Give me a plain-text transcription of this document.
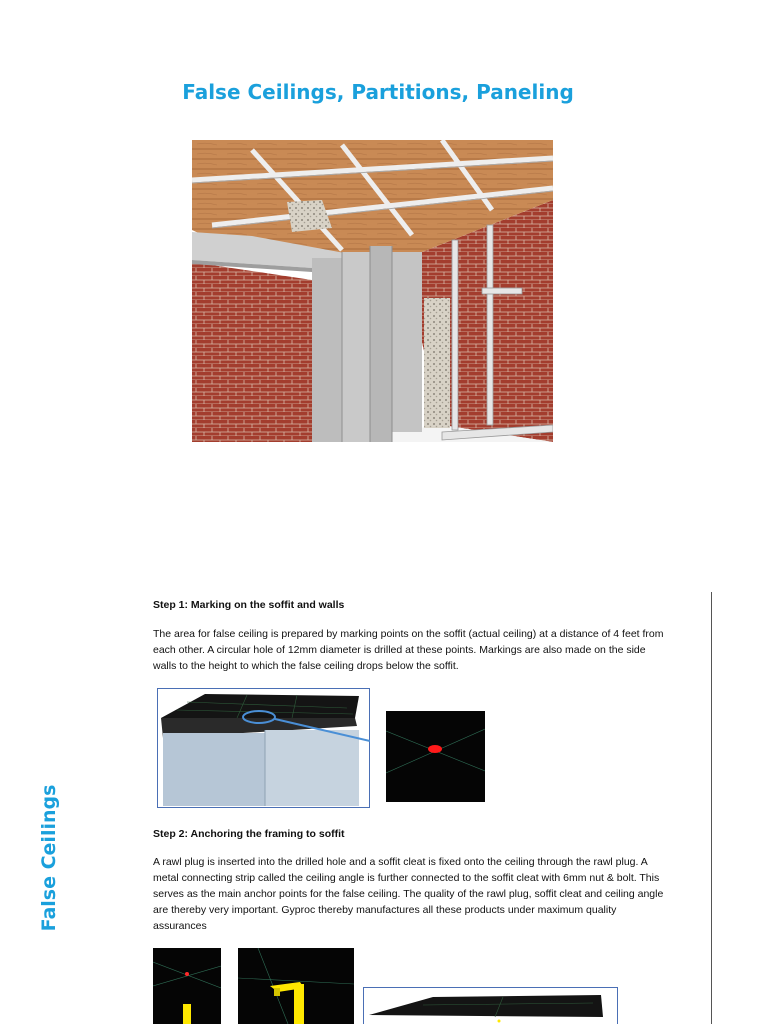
False Ceilings, Partitions, Paneling
False Ceilings
Step 1: Marking on the soffit and walls
The area for false ceiling is prepared by marking points on the soffit (actual ceiling) at a distance of 4 feet from each other. A circular hole of 12mm diameter is drilled at these points. Markings are also made on the side walls to the height to which the false ceiling drops below the soffit.
Step 2: Anchoring the framing to soffit
A rawl plug is inserted into the drilled hole and a soffit cleat is fixed onto the ceiling through the rawl plug. A metal connecting strip called the ceiling angle is further connected to the soffit cleat with 6mm nut & bolt. This serves as the main anchor points for the false ceiling. The quality of the rawl plug, soffit cleat and ceiling angle are thereby very important. Gyproc thereby manufactures all these products under maximum quality assurances
